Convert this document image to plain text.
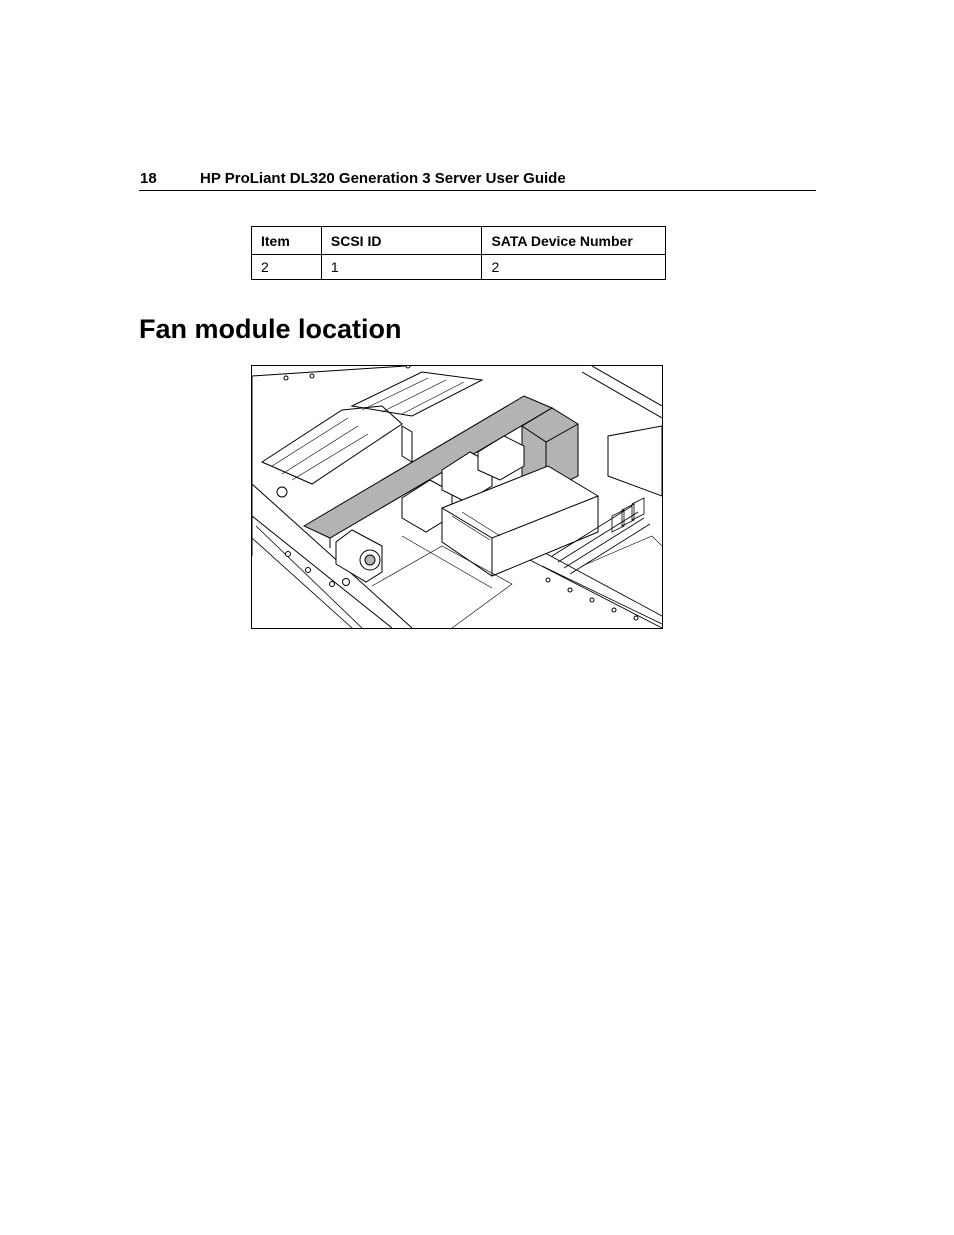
18	HP ProLiant DL320 Generation 3 Server User Guide
Item	SCSI ID	SATA Device Number
2	1	2
Fan module location
